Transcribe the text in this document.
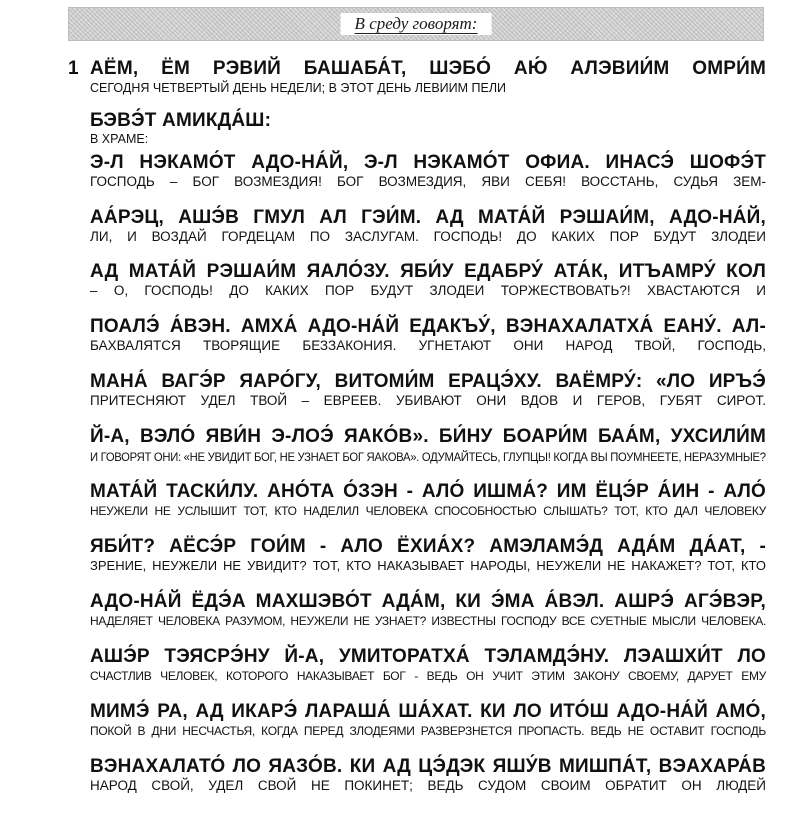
В среду говорят:
1 АЁМ, ЁМ РЭВИЙ БАШАБА́Т, ШЭБО́ АЮ́ АЛЭВИИ́М ОМРИ́М
СЕГОДНЯ ЧЕТВЕРТЫЙ ДЕНЬ НЕДЕЛИ; В ЭТОТ ДЕНЬ ЛЕВИИМ ПЕЛИ
БЭВЭ́Т АМИКДА́Ш:
В ХРАМЕ:
Э-Л НЭКАМО́Т АДО-НА́Й, Э-Л НЭКАМО́Т ОФИА. ИНАСЭ́ ШОФЭ́Т
ГОСПОДЬ – БОГ ВОЗМЕЗДИЯ! БОГ ВОЗМЕЗДИЯ, ЯВИ СЕБЯ! ВОССТАНЬ, СУДЬЯ ЗЕМ-
АА́РЭЦ, АШЭ́В ГМУЛ АЛ ГЭИ́М. АД МАТА́Й РЭШАИ́М, АДО-НА́Й,
ЛИ, И ВОЗДАЙ ГОРДЕЦАМ ПО ЗАСЛУГАМ. ГОСПОДЬ! ДО КАКИХ ПОР БУДУТ ЗЛОДЕИ
АД МАТА́Й РЭШАИ́М ЯАЛО́ЗУ. ЯБИ́У ЕДАБРУ́ АТА́К, ИТЪАМРУ́ КОЛ
– О, ГОСПОДЬ! ДО КАКИХ ПОР БУДУТ ЗЛОДЕИ ТОРЖЕСТВОВАТЬ?! ХВАСТАЮТСЯ И
ПОАЛЭ́ А́ВЭН. АМХА́ АДО-НА́Й ЕДАКЪУ́, ВЭНАХАЛАТХА́ ЕАНУ́. АЛ-
БАХВАЛЯТСЯ ТВОРЯЩИЕ БЕЗЗАКОНИЯ. УГНЕТАЮТ ОНИ НАРОД ТВОЙ, ГОСПОДЬ,
МАНА́ ВАГЭ́Р ЯАРО́ГУ, ВИТОМИ́М ЕРАЦЭ́ХУ. ВАЁМРУ́: «ЛО ИРЪЭ́
ПРИТЕСНЯЮТ УДЕЛ ТВОЙ – ЕВРЕЕВ. УБИВАЮТ ОНИ ВДОВ И ГЕРОВ, ГУБЯТ СИРОТ.
Й-А, ВЭЛО́ ЯВИ́Н Э-ЛОЭ́ ЯАКО́В». БИ́НУ БОАРИ́М БАА́М, УХСИЛИ́М
И ГОВОРЯТ ОНИ: «НЕ УВИДИТ БОГ, НЕ УЗНАЕТ БОГ ЯАКОВА». ОДУМАЙТЕСЬ, ГЛУПЦЫ! КОГДА ВЫ ПОУМНЕЕТЕ, НЕРАЗУМНЫЕ?
МАТА́Й ТАСКИ́ЛУ. АНО́ТА О́ЗЭН - АЛО́ ИШМА́? ИМ ЁЦЭ́Р А́ИН - АЛО́
НЕУЖЕЛИ НЕ УСЛЫШИТ ТОТ, КТО НАДЕЛИЛ ЧЕЛОВЕКА СПОСОБНОСТЬЮ СЛЫШАТЬ? ТОТ, КТО ДАЛ ЧЕЛОВЕКУ
ЯБИ́Т? АЁСЭ́Р ГОИ́М - АЛО ЁХИА́Х? АМЭЛАМЭ́Д АДА́М ДА́АТ, -
ЗРЕНИЕ, НЕУЖЕЛИ НЕ УВИДИТ? ТОТ, КТО НАКАЗЫВАЕТ НАРОДЫ, НЕУЖЕЛИ НЕ НАКАЖЕТ? ТОТ, КТО
АДО-НА́Й ЁДЭ́А МАХШЭВО́Т АДА́М, КИ Э́МА А́ВЭЛ. АШРЭ́ АГЭ́ВЭР,
НАДЕЛЯЕТ ЧЕЛОВЕКА РАЗУМОМ, НЕУЖЕЛИ НЕ УЗНАЕТ? ИЗВЕСТНЫ ГОСПОДУ ВСЕ СУЕТНЫЕ МЫСЛИ ЧЕЛОВЕКА.
АШЭ́Р ТЭЯСРЭ́НУ Й-А, УМИТОРАТХА́ ТЭЛАМДЭ́НУ. ЛЭАШХИ́Т ЛО
СЧАСТЛИВ ЧЕЛОВЕК, КОТОРОГО НАКАЗЫВАЕТ БОГ - ВЕДЬ ОН УЧИТ ЭТИМ ЗАКОНУ СВОЕМУ, ДАРУЕТ ЕМУ
МИМЭ́ РА, АД ИКАРЭ́ ЛАРАША́ ША́ХАТ. КИ ЛО ИТО́Ш АДО-НА́Й АМО́,
ПОКОЙ В ДНИ НЕСЧАСТЬЯ, КОГДА ПЕРЕД ЗЛОДЕЯМИ РАЗВЕРЗНЕТСЯ ПРОПАСТЬ. ВЕДЬ НЕ ОСТАВИТ ГОСПОДЬ
ВЭНАХАЛАТО́ ЛО ЯАЗО́В. КИ АД ЦЭ́ДЭК ЯШУ́В МИШПА́Т, ВЭАХАРА́В
НАРОД СВОЙ, УДЕЛ СВОЙ НЕ ПОКИНЕТ; ВЕДЬ СУДОМ СВОИМ ОБРАТИТ ОН ЛЮДЕЙ
